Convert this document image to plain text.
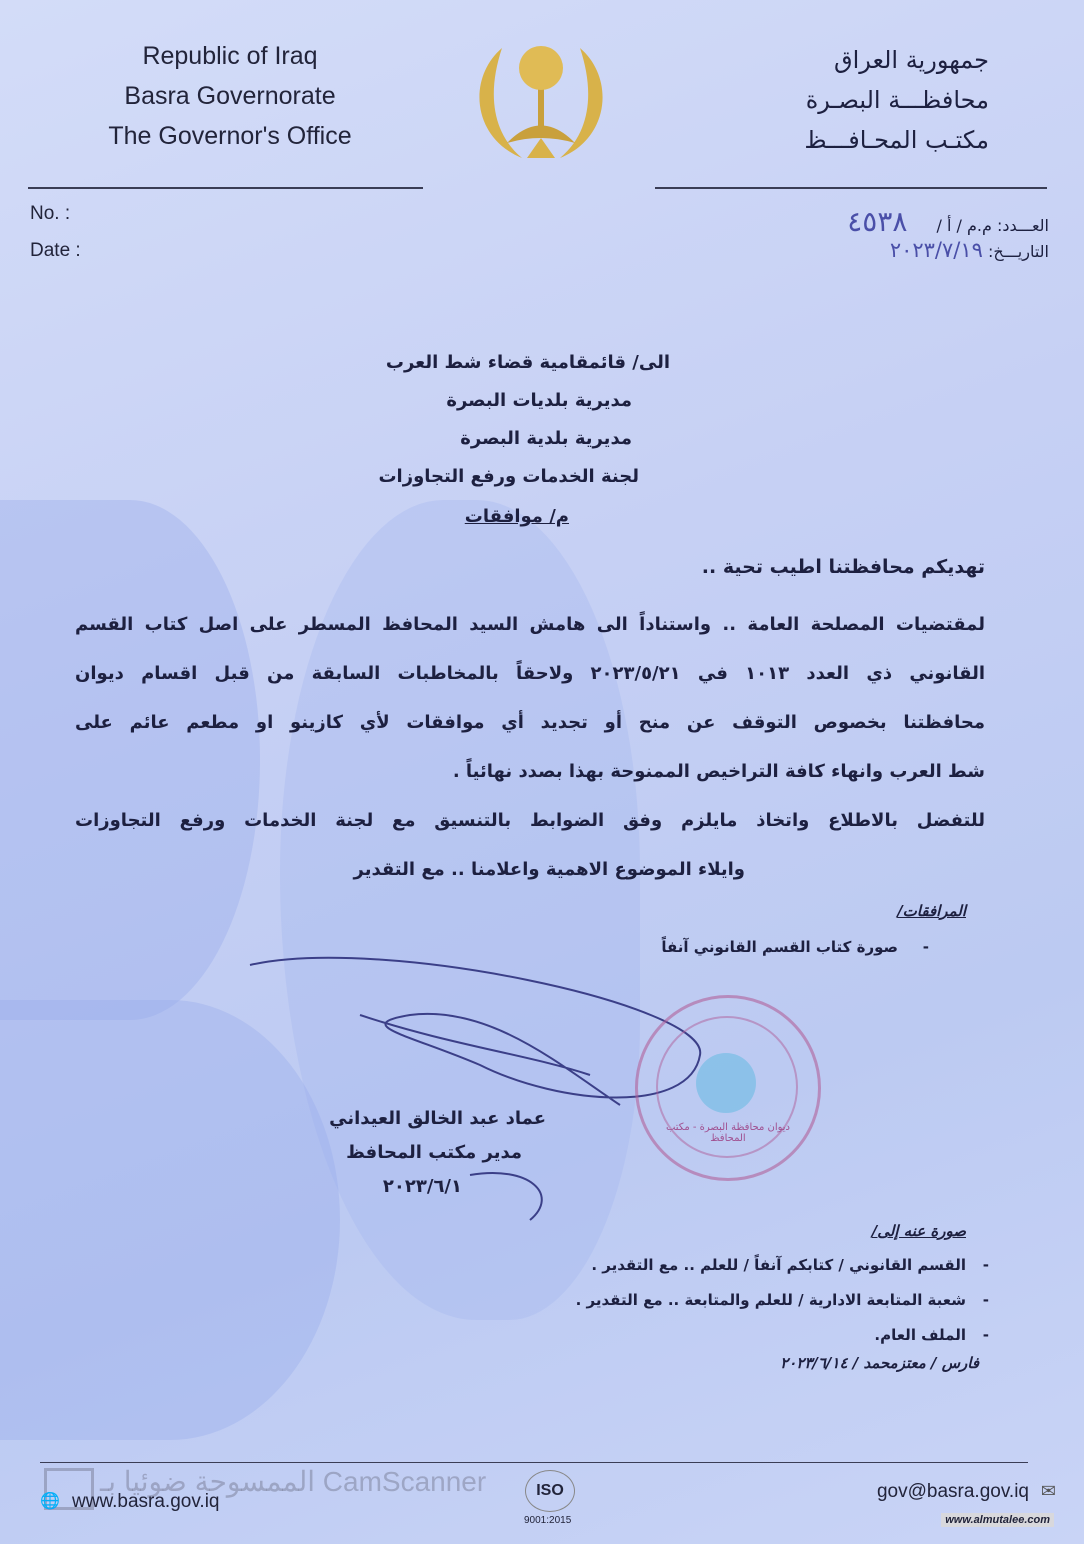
Republic of Iraq
Basra Governorate
The Governor's Office
جمهورية العراق
محافظـــة البصـرة
مكتـب المحـافـــظ
No. :
Date :
العـــدد: م.م / أ / ٤٥٣٨
التاريـــخ: ٢٠٢٣/٧/١٩
الى/ قائمقامية قضاء شط العرب
مديرية بلديات البصرة
مديرية بلدية البصرة
لجنة الخدمات ورفع التجاوزات
م/ موافقات
تهديكم محافظتنا اطيب تحية ..
لمقتضيات المصلحة العامة .. واستناداً الى هامش السيد المحافظ المسطر على اصل كتاب القسم
القانوني ذي العدد ١٠١٣ في ٢٠٢٣/٥/٢١ ولاحقاً بالمخاطبات السابقة من قبل اقسام ديوان
محافظتنا بخصوص التوقف عن منح أو تجديد أي موافقات لأي كازينو او مطعم عائم على
شط العرب وانهاء كافة التراخيص الممنوحة بهذا بصدد نهائياً .
للتفضل بالاطلاع واتخاذ مايلزم وفق الضوابط بالتنسيق مع لجنة الخدمات ورفع التجاوزات
وايلاء الموضوع الاهمية واعلامنا .. مع التقدير
المرافقات/
صورة كتاب القسم القانوني آنفاً -
ديوان محافظة البصرة - مكتب المحافظ
عماد عبد الخالق العيداني
مدير مكتب المحافظ
٢٠٢٣/٦/١
صورة عنه إلى/
القسم القانوني / كتابكم آنفاً / للعلم .. مع التقدير .
شعبة المتابعة الادارية / للعلم والمتابعة .. مع التقدير .
الملف العام.
-
-
-
فارس / معتزمحمد / ٢٠٢٣/٦/١٤
CamScanner الممسوحة ضوئيا بـ
🌐 www.basra.gov.iq
ISO
9001:2015
gov@basra.gov.iq ✉
www.almutalee.com
